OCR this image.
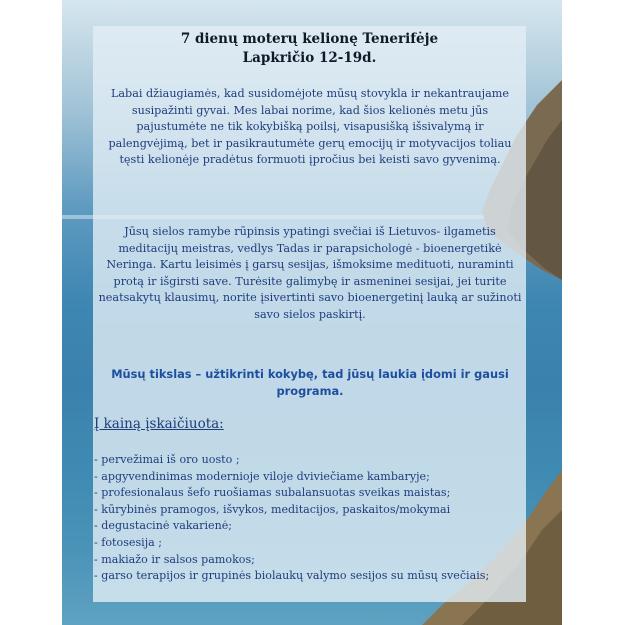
7 dienų moterų kelionę Tenerifėje
Lapkričio 12-19d.

Labai džiaugiamės, kad susidomėjote mūsų stovykla ir nekantraujame susipažinti gyvai. Mes labai norime, kad šios kelionės metu jūs pajustumėte ne tik kokybišką poilsį, visapusišką išsivalymą ir palengvėjimą, bet ir pasikrautumėte gerų emocijų ir motyvacijos toliau tęsti kelionėje pradėtus formuoti įpročius bei keisti savo gyvenimą.

Jūsų sielos ramybe rūpinsis ypatingi svečiai iš Lietuvos- ilgametis meditacijų meistras, vedlys Tadas ir parapsichologė - bioenergetikė Neringa. Kartu leisimės į garsų sesijas, išmoksime medituoti, nuraminti protą ir išgirsti save. Turėsite galimybę ir asmeninei sesijai, jei turite neatsakytų klausimų, norite įsivertinti savo bioenergetinį lauką ar sužinoti savo sielos paskirtį.

Mūsų tikslas – užtikrinti kokybę, tad jūsų laukia įdomi ir gausi programa.

Į kainą įskaičiuota:

- pervežimai iš oro uosto ;
- apgyvendinimas modernioje viloje dviviečiame kambaryje;
- profesionalaus šefo ruošiamas subalansuotas sveikas maistas;
- kūrybinės pramogos, išvykos, meditacijos, paskaitos/mokymai
- degustacinė vakarienė;
- fotosesija ;
- makiažo ir salsos pamokos;
- garso terapijos ir grupinės biolaukų valymo sesijos su mūsų svečiais;
